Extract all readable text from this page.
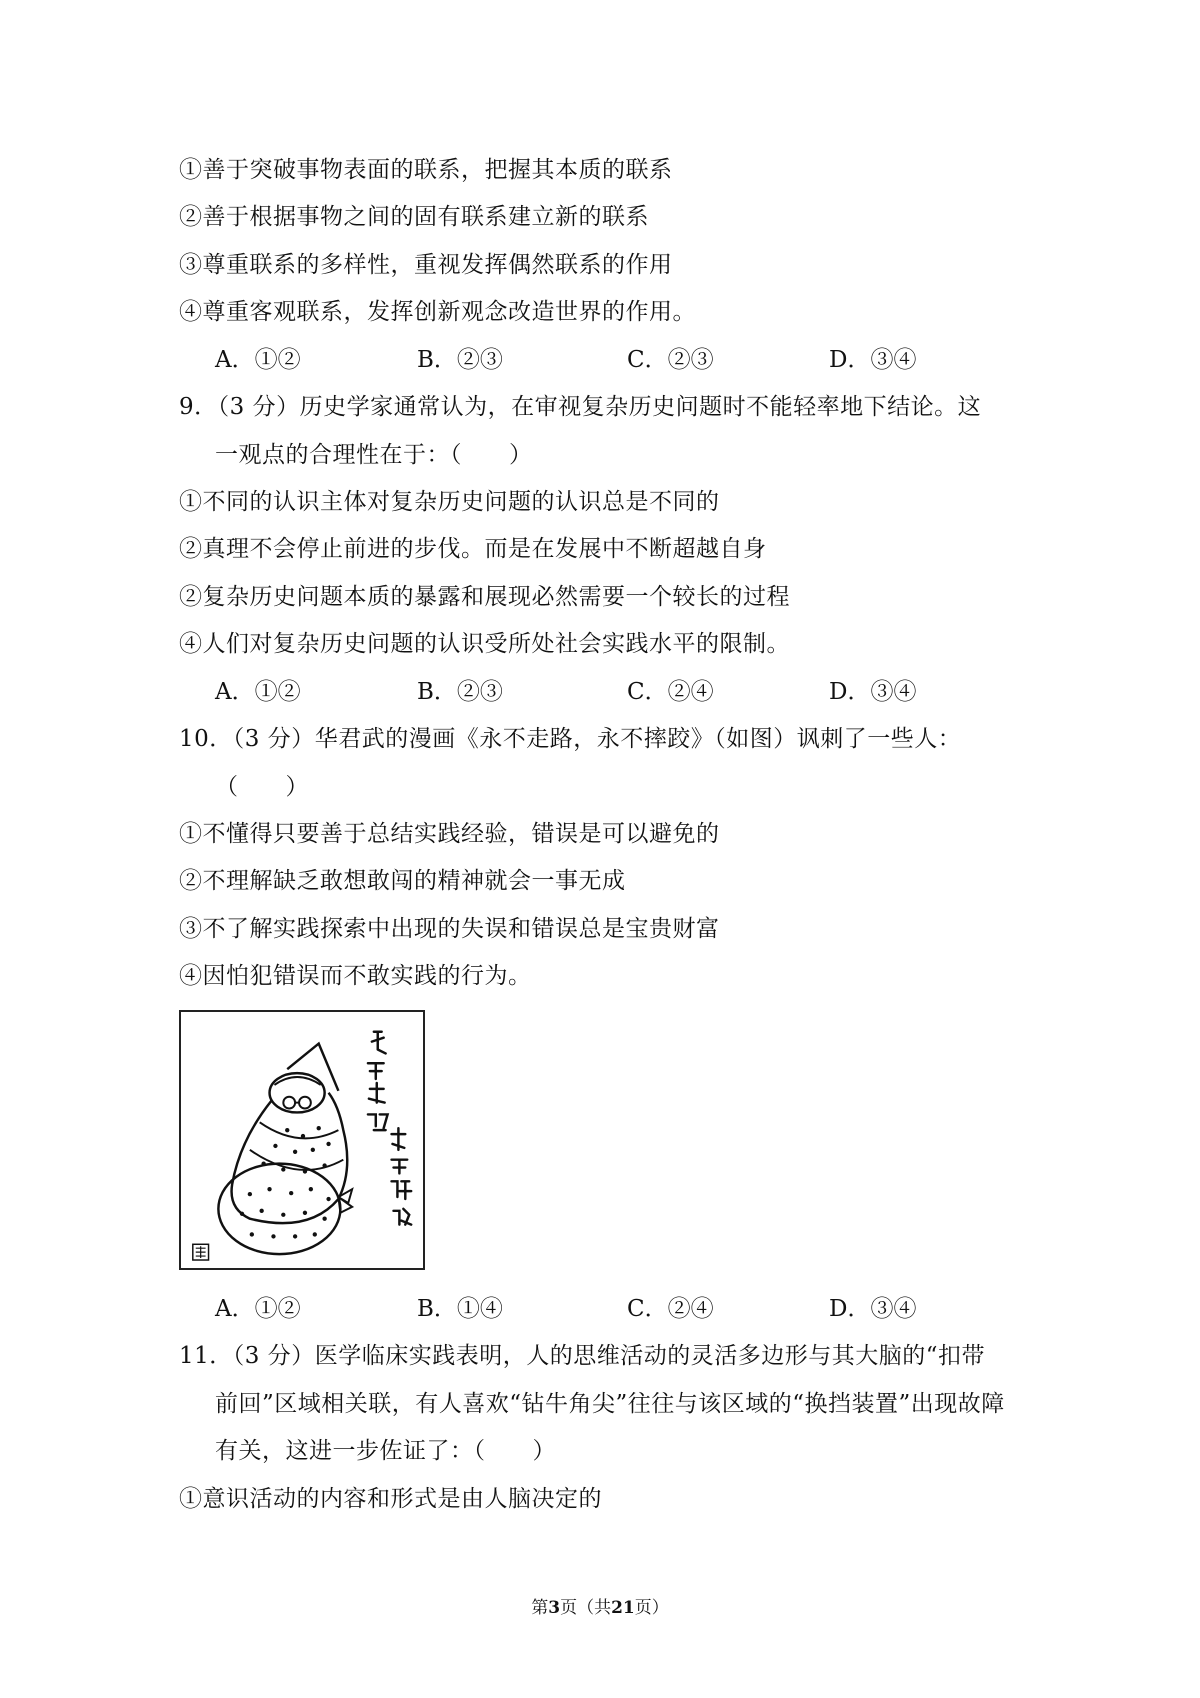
①善于突破事物表面的联系，把握其本质的联系
②善于根据事物之间的固有联系建立新的联系
③尊重联系的多样性，重视发挥偶然联系的作用
④尊重客观联系，发挥创新观念改造世界的作用。
A．①②	B．②③	C．②③	D．③④
9．（3 分）历史学家通常认为，在审视复杂历史问题时不能轻率地下结论。这
一观点的合理性在于：（　　）
①不同的认识主体对复杂历史问题的认识总是不同的
②真理不会停止前进的步伐。而是在发展中不断超越自身
②复杂历史问题本质的暴露和展现必然需要一个较长的过程
④人们对复杂历史问题的认识受所处社会实践水平的限制。
A．①②	B．②③	C．②④	D．③④
10．（3 分）华君武的漫画《永不走路，永不摔跤》（如图）讽刺了一些人：
（　　）
①不懂得只要善于总结实践经验，错误是可以避免的
②不理解缺乏敢想敢闯的精神就会一事无成
③不了解实践探索中出现的失误和错误总是宝贵财富
④因怕犯错误而不敢实践的行为。
A．①②	B．①④	C．②④	D．③④
11．（3 分）医学临床实践表明，人的思维活动的灵活多边形与其大脑的“扣带
前回”区域相关联，有人喜欢“钻牛角尖”往往与该区域的“换挡装置”出现故障
有关，这进一步佐证了：（　　）
①意识活动的内容和形式是由人脑决定的
第3页（共21页）
